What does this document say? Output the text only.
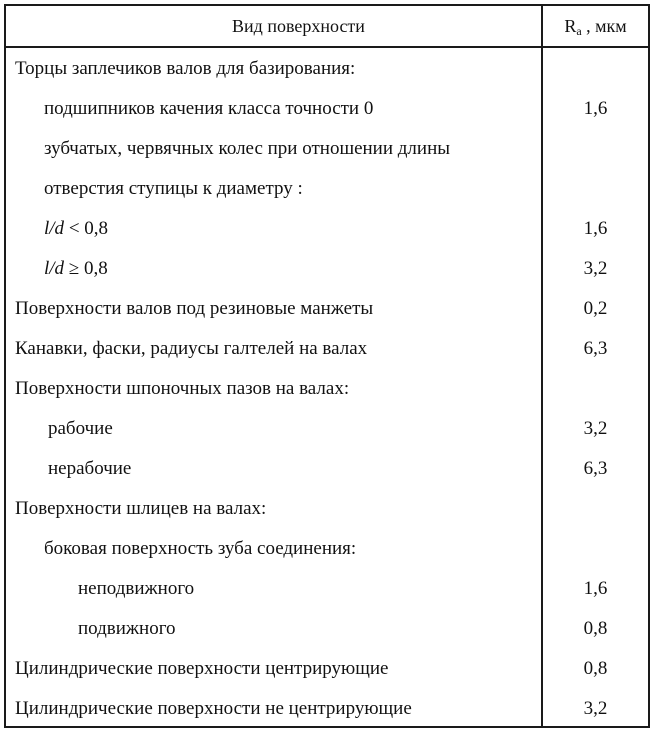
Вид поверхности	$R_a$ , мкм
Торцы заплечиков валов для базирования:
подшипников качения класса точности 0	1,6
зубчатых, червячных колес при отношении длины
отверстия ступицы к диаметру :
l/d < 0,8	1,6
l/d ≥ 0,8	3,2
Поверхности валов под резиновые манжеты	0,2
Канавки, фаски, радиусы галтелей на валах	6,3
Поверхности шпоночных пазов на валах:
рабочие	3,2
нерабочие	6,3
Поверхности шлицев на валах:
боковая поверхность зуба соединения:
неподвижного	1,6
подвижного	0,8
Цилиндрические поверхности центрирующие	0,8
Цилиндрические поверхности не центрирующие	3,2
